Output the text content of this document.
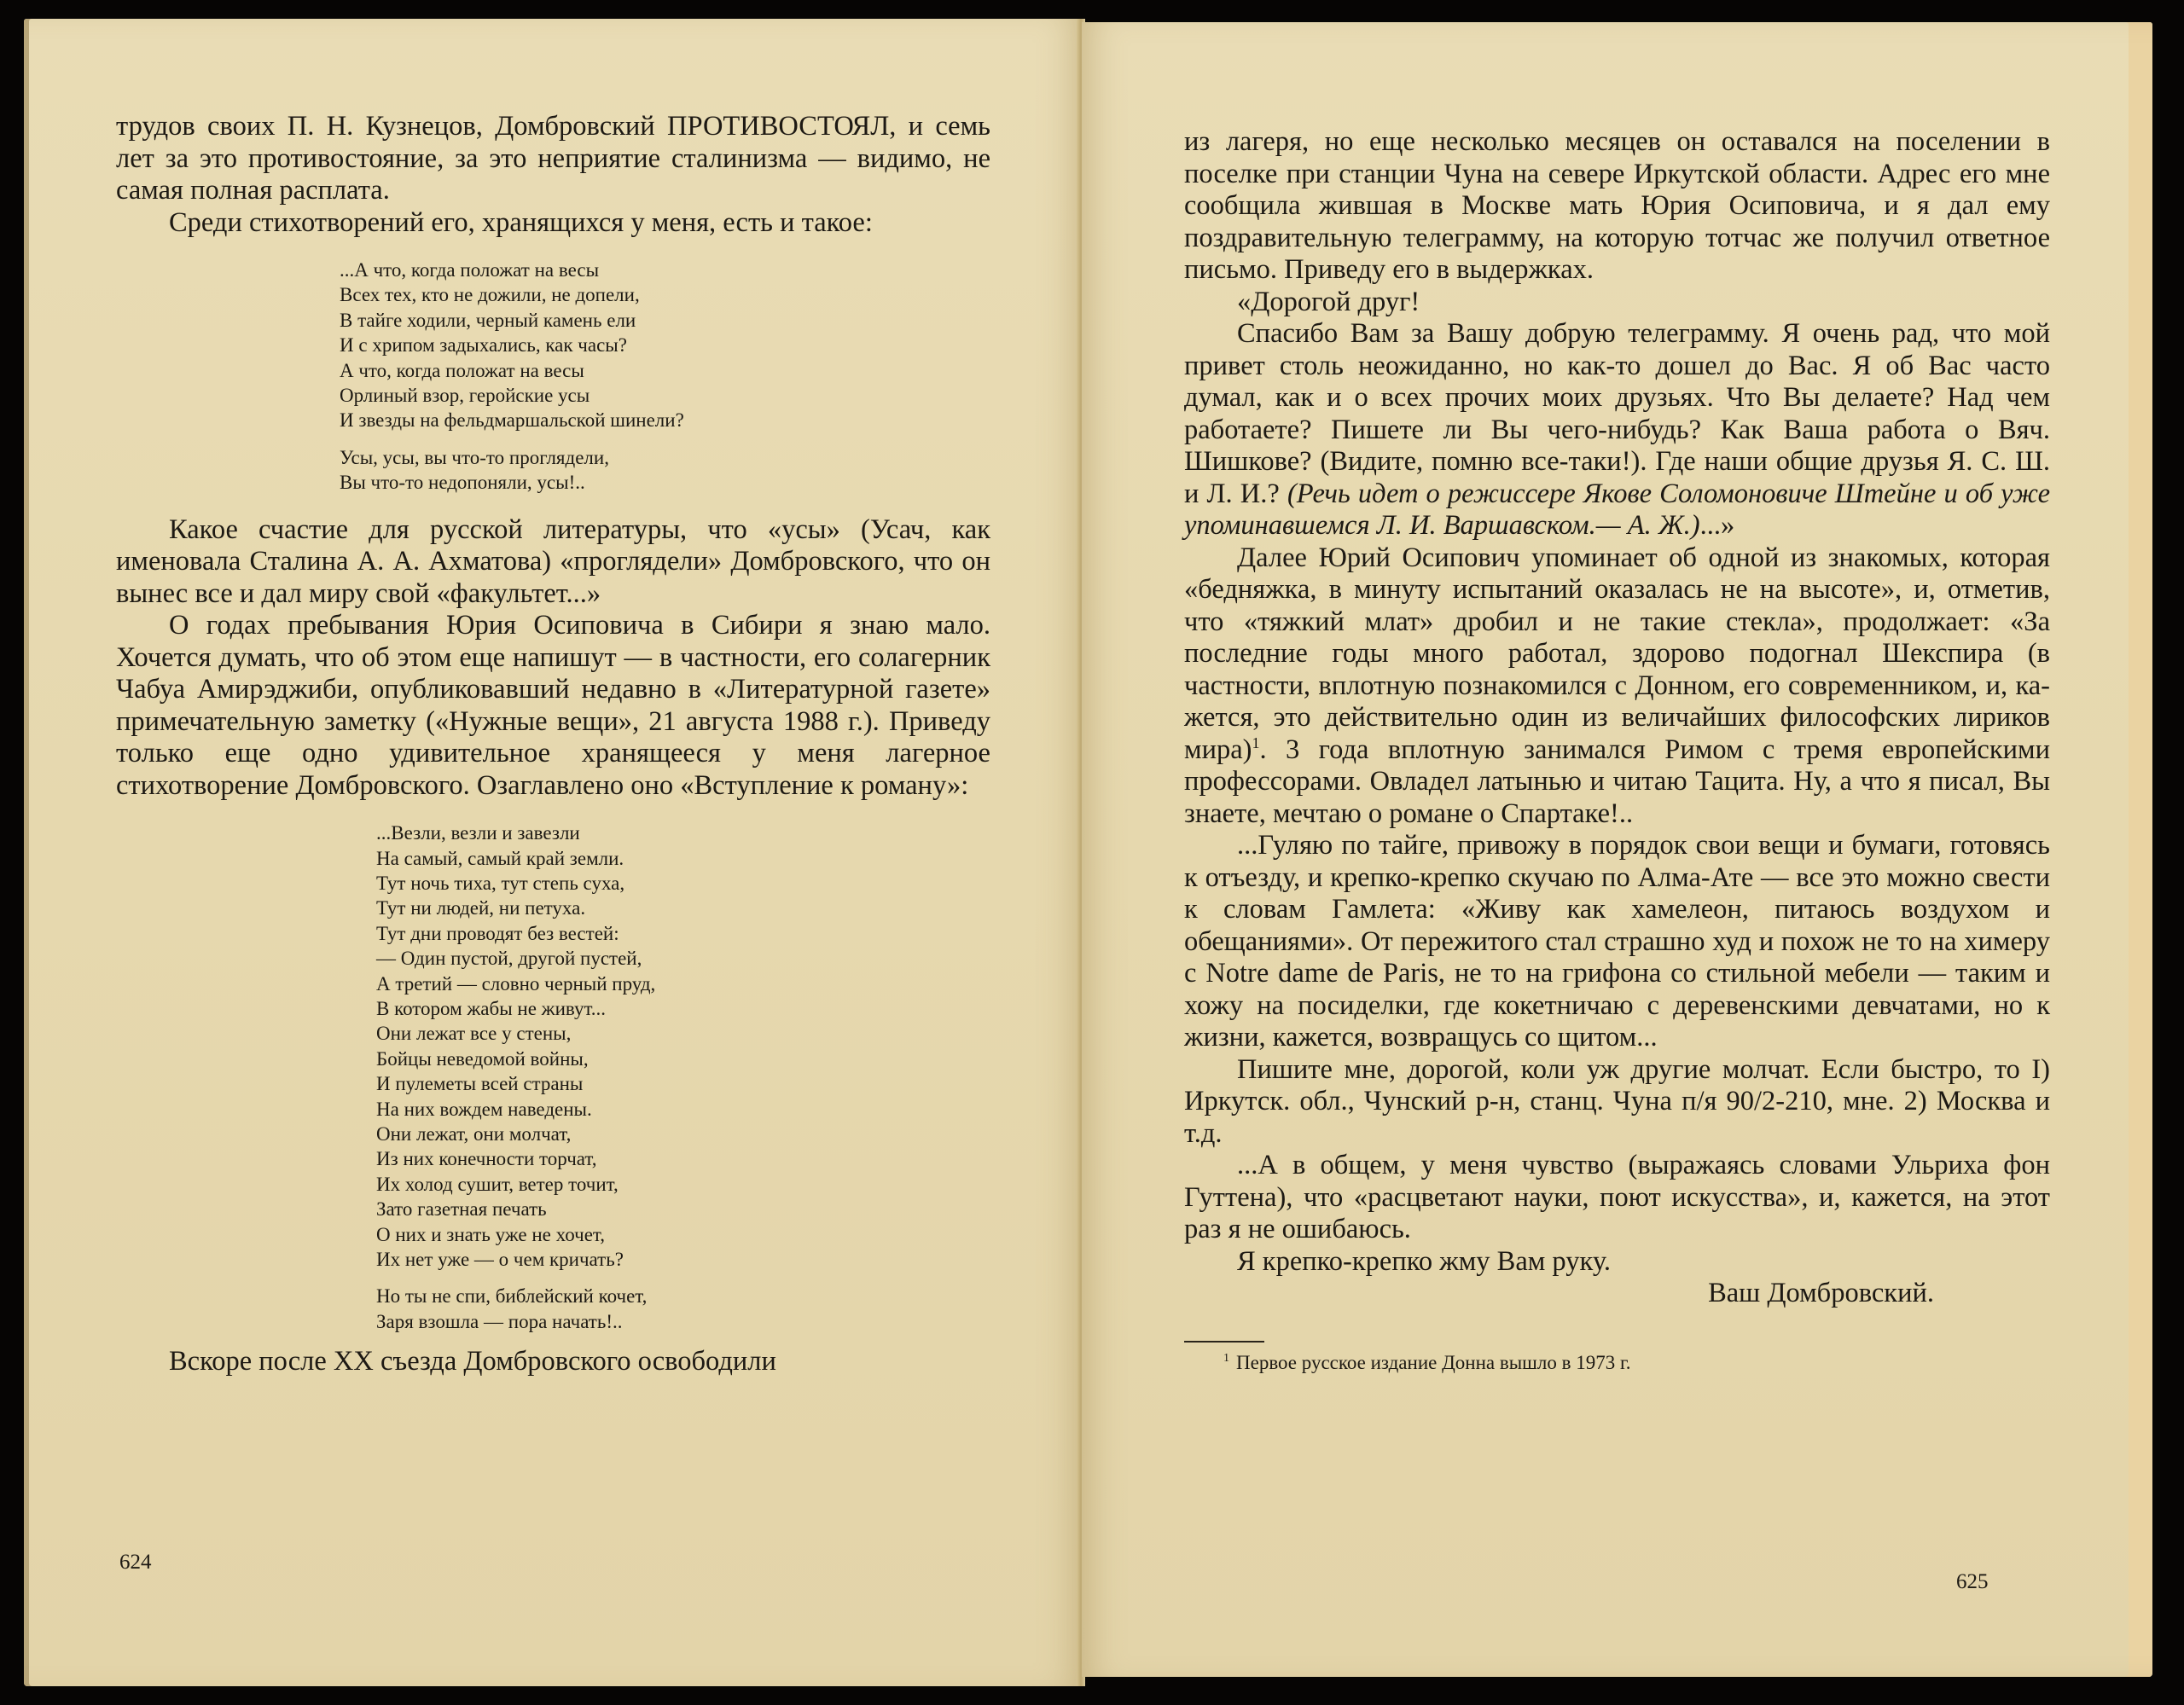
трудов своих П. Н. Кузнецов, Домбровский ПРОТИВОСТОЯЛ, и семь лет за это противостояние, за это неприятие сталинизма — видимо, не самая полная расплата.

Среди стихотворений его, хранящихся у меня, есть и такое:

...А что, когда положат на весы
Всех тех, кто не дожили, не допели,
В тайге ходили, черный камень ели
И с хрипом задыхались, как часы?
А что, когда положат на весы
Орлиный взор, геройские усы
И звезды на фельдмаршальской шинели?
Усы, усы, вы что-то проглядели,
Вы что-то недопоняли, усы!..

Какое счастие для русской литературы, что «усы» (Усач, как именовала Сталина А. А. Ахматова) «проглядели» Домбровского, что он вынес все и дал миру свой «факультет...»

О годах пребывания Юрия Осиповича в Сибири я знаю мало. Хочется думать, что об этом еще напишут — в частности, его солагерник Чабуа Амирэджиби, опубликовавший недавно в «Литературной газете» примечательную заметку («Нужные вещи», 21 августа 1988 г.). Приведу только еще одно удивительное хранящееся у меня лагерное стихотворение Домбровского. Озаглавлено оно «Вступление к роману»:

...Везли, везли и завезли
На самый, самый край земли.
Тут ночь тиха, тут степь суха,
Тут ни людей, ни петуха.
Тут дни проводят без вестей:
— Один пустой, другой пустей,
А третий — словно черный пруд,
В котором жабы не живут...
Они лежат все у стены,
Бойцы неведомой войны,
И пулеметы всей страны
На них вождем наведены.
Они лежат, они молчат,
Из них конечности торчат,
Их холод сушит, ветер точит,
Зато газетная печать
О них и знать уже не хочет,
Их нет уже — о чем кричать?
Но ты не спи, библейский кочет,
Заря взошла — пора начать!..

Вскоре после XX съезда Домбровского освободили

624

из лагеря, но еще несколько месяцев он оставался на поселении в поселке при станции Чуна на севере Иркутской области. Адрес его мне сообщила жившая в Москве мать Юрия Осиповича, и я дал ему поздравительную телеграмму, на которую тотчас же получил ответное письмо. Приведу его в выдержках.

«Дорогой друг!

Спасибо Вам за Вашу добрую телеграмму. Я очень рад, что мой привет столь неожиданно, но как-то дошел до Вас. Я об Вас часто думал, как и о всех прочих моих друзьях. Что Вы делаете? Над чем работаете? Пишете ли Вы чего-нибудь? Как Ваша работа о Вяч. Шишкове? (Видите, помню все-таки!). Где наши общие друзья Я. С. Ш. и Л. И.? (Речь идет о режиссере Якове Соломоновиче Штейне и об уже упоминавшемся Л. И. Варшавском.— А. Ж.)...»

Далее Юрий Осипович упоминает об одной из знакомых, которая «бедняжка, в минуту испытаний оказалась не на высоте», и, отметив, что «тяжкий млат» дробил и не такие стекла», продолжает: «За последние годы много работал, здорово подогнал Шекспира (в частности, вплотную познакомился с Донном, его современником, и, кажется, это действительно один из величайших философских лириков мира)$^1$. 3 года вплотную занимался Римом с тремя европейскими профессорами. Овладел латынью и читаю Тацита. Ну, а что я писал, Вы знаете, мечтаю о романе о Спартаке!..

...Гуляю по тайге, привожу в порядок свои вещи и бумаги, готовясь к отъезду, и крепко-крепко скучаю по Алма-Ате — все это можно свести к словам Гамлета: «Живу как хамелеон, питаюсь воздухом и обещаниями». От пережитого стал страшно худ и похож не то на химеру с Notre dame de Paris, не то на грифона со стильной мебели — таким и хожу на посиделки, где кокетничаю с деревенскими девчатами, но к жизни, кажется, возвращусь со щитом...

Пишите мне, дорогой, коли уж другие молчат. Если быстро, то I) Иркутск. обл., Чунский р-н, станц. Чуна п/я 90/2-210, мне. 2) Москва и т.д.

...А в общем, у меня чувство (выражаясь словами Ульриха фон Гуттена), что «расцветают науки, поют искусства», и, кажется, на этот раз я не ошибаюсь.

Я крепко-крепко жму Вам руку.

Ваш Домбровский.

$^1$ Первое русское издание Донна вышло в 1973 г.
625
